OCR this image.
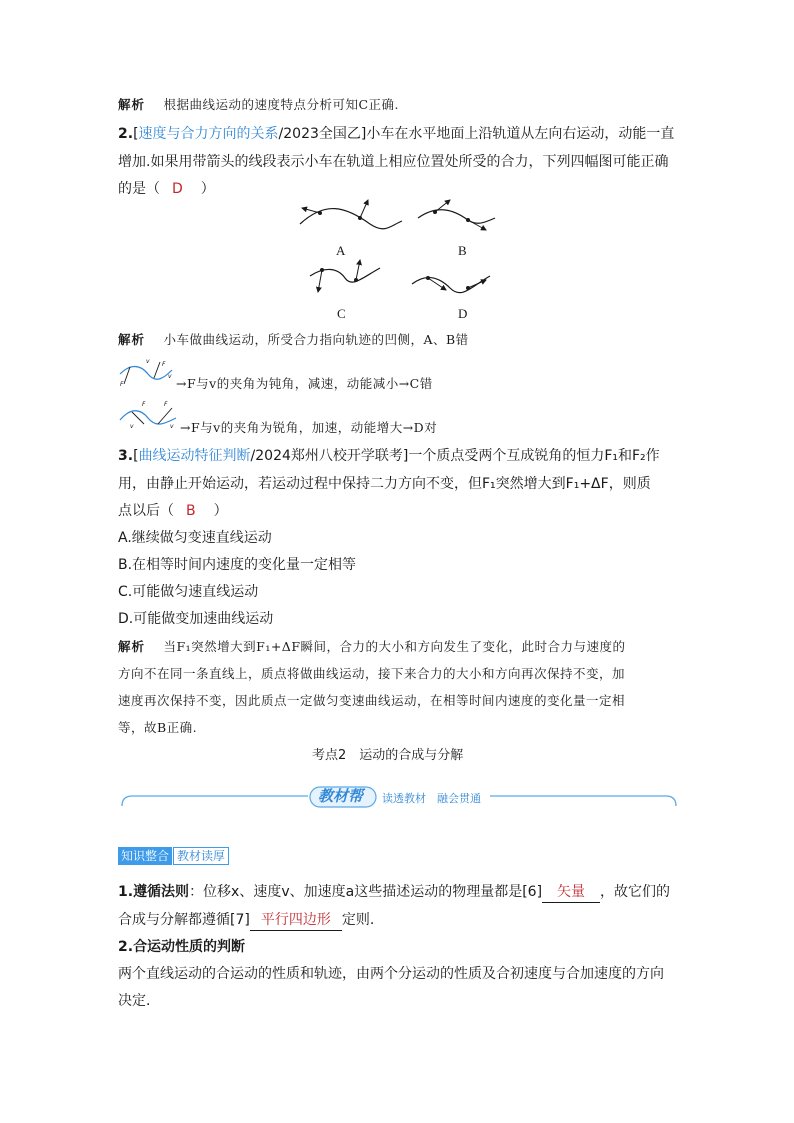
解析 根据曲线运动的速度特点分析可知C正确.
2.[速度与合力方向的关系/2023全国乙]小车在水平地面上沿轨道从左向右运动，动能一直
增加.如果用带箭头的线段表示小车在轨道上相应位置处所受的合力，下列四幅图可能正确
的是（ D ）
A	B
C	D
解析 小车做曲线运动，所受合力指向轨迹的凹侧，A、B错
v F
F
v →F与v的夹角为钝角，减速，动能减小→C错
F	F
v	v →F与v的夹角为锐角，加速，动能增大→D对
3.[曲线运动特征判断/2024郑州八校开学联考]一个质点受两个互成锐角的恒力F₁和F₂作
用，由静止开始运动，若运动过程中保持二力方向不变，但F₁突然增大到F₁+ΔF，则质
点以后（ B ）
A.继续做匀变速直线运动
B.在相等时间内速度的变化量一定相等
C.可能做匀速直线运动
D.可能做变加速曲线运动
解析 当F₁突然增大到F₁+ΔF瞬间，合力的大小和方向发生了变化，此时合力与速度的
方向不在同一条直线上，质点将做曲线运动，接下来合力的大小和方向再次保持不变，加
速度再次保持不变，因此质点一定做匀变速曲线运动，在相等时间内速度的变化量一定相
等，故B正确.
考点2　运动的合成与分解
教材帮 读透教材　融会贯通
知识整合 教材读厚
1.遵循法则：位移x、速度v、加速度a这些描述运动的物理量都是[6] 矢量 ，故它们的
合成与分解都遵循[7] 平行四边形 定则.
2.合运动性质的判断
两个直线运动的合运动的性质和轨迹，由两个分运动的性质及合初速度与合加速度的方向
决定.
